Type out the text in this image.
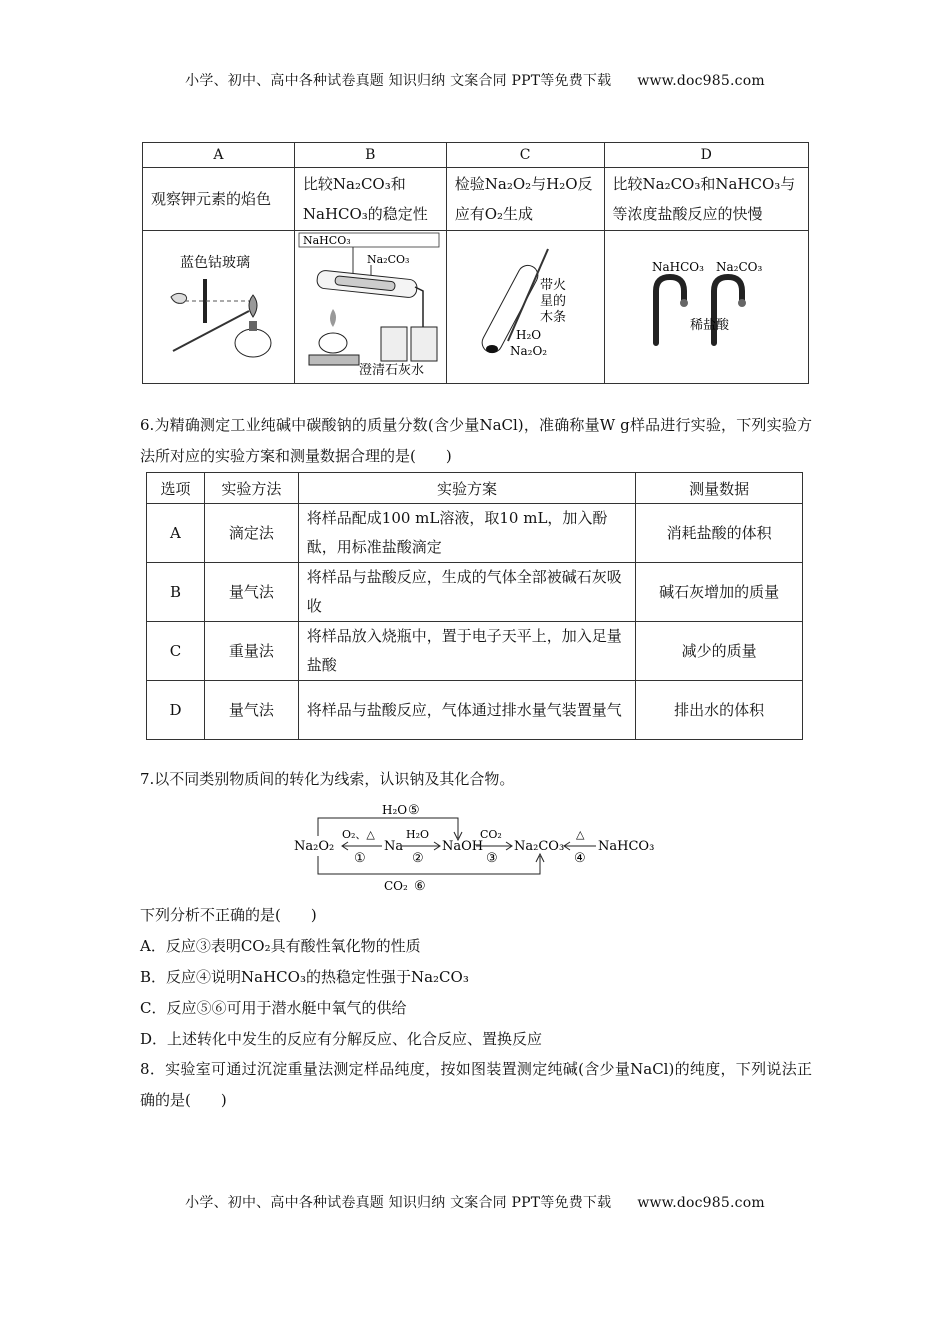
小学、初中、高中各种试卷真题 知识归纳 文案合同 PPT等免费下载 www.doc985.com
A	B	C	D
观察钾元素的焰色	比较Na₂CO₃和NaHCO₃的稳定性	检验Na₂O₂与H₂O反应有O₂生成	比较Na₂CO₃和NaHCO₃与等浓度盐酸反应的快慢

蓝色钴玻璃	NaHCO₃
Na₂CO₃
澄清石灰水	带火
星的
木条
H₂O
Na₂O₂	NaHCO₃ Na₂CO₃
稀盐酸
6.为精确测定工业纯碱中碳酸钠的质量分数(含少量NaCl)，准确称量W g样品进行实验，下列实验方法所对应的实验方案和测量数据合理的是(　　)
选项	实验方法	实验方案	测量数据
A	滴定法	将样品配成100 mL溶液，取10 mL，加入酚酞，用标准盐酸滴定	消耗盐酸的体积
B	量气法	将样品与盐酸反应，生成的气体全部被碱石灰吸收	碱石灰增加的质量
C	重量法	将样品放入烧瓶中，置于电子天平上，加入足量盐酸	减少的质量
D	量气法	将样品与盐酸反应，气体通过排水量气装置量气	排出水的体积
7.以不同类别物质间的转化为线索，认识钠及其化合物。
H₂O ⑤
CO₂ ⑥
Na₂O₂	Na	NaOH Na₂CO₃	NaHCO₃
O₂、△
①
H₂O
②
CO₂
③
△
④
下列分析不正确的是(　　)
A．反应③表明CO₂具有酸性氧化物的性质
B．反应④说明NaHCO₃的热稳定性强于Na₂CO₃
C．反应⑤⑥可用于潜水艇中氧气的供给
D．上述转化中发生的反应有分解反应、化合反应、置换反应
8．实验室可通过沉淀重量法测定样品纯度，按如图装置测定纯碱(含少量NaCl)的纯度，下列说法正确的是(　　)
小学、初中、高中各种试卷真题 知识归纳 文案合同 PPT等免费下载 www.doc985.com
